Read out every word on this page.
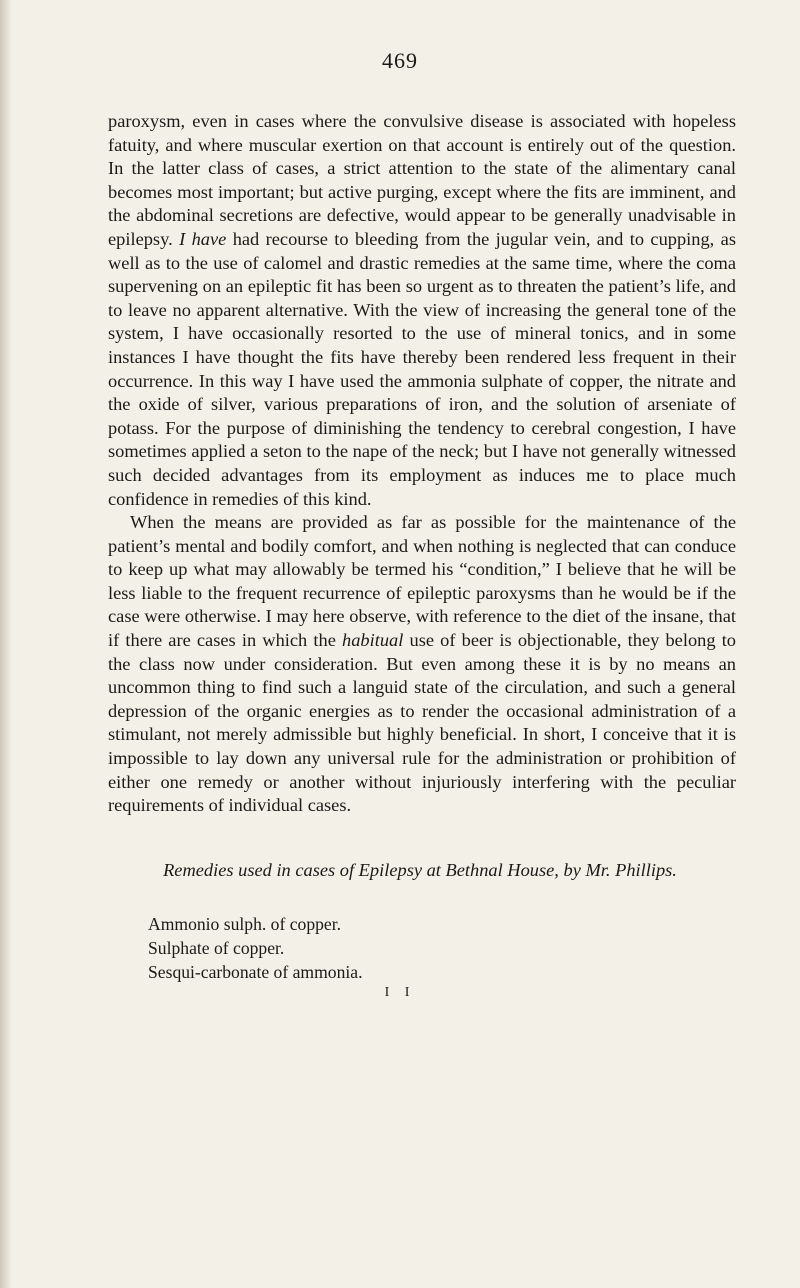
469

paroxysm, even in cases where the convulsive disease is associated with hopeless fatuity, and where muscular exertion on that account is entirely out of the question. In the latter class of cases, a strict attention to the state of the alimentary canal becomes most important; but active purging, except where the fits are imminent, and the abdominal secretions are defective, would appear to be generally unadvisable in epilepsy. I have had recourse to bleeding from the jugular vein, and to cupping, as well as to the use of calomel and drastic remedies at the same time, where the coma supervening on an epileptic fit has been so urgent as to threaten the patient’s life, and to leave no apparent alternative. With the view of increasing the general tone of the system, I have occasionally resorted to the use of mineral tonics, and in some instances I have thought the fits have thereby been rendered less frequent in their occurrence. In this way I have used the ammonia sulphate of copper, the nitrate and the oxide of silver, various preparations of iron, and the solution of arseniate of potass. For the purpose of diminishing the tendency to cerebral congestion, I have sometimes applied a seton to the nape of the neck; but I have not generally witnessed such decided advantages from its employment as induces me to place much confidence in remedies of this kind.

When the means are provided as far as possible for the maintenance of the patient’s mental and bodily comfort, and when nothing is neglected that can conduce to keep up what may allowably be termed his “condition,” I believe that he will be less liable to the frequent recurrence of epileptic paroxysms than he would be if the case were otherwise. I may here observe, with reference to the diet of the insane, that if there are cases in which the habitual use of beer is objectionable, they belong to the class now under consideration. But even among these it is by no means an uncommon thing to find such a languid state of the circulation, and such a general depression of the organic energies as to render the occasional administration of a stimulant, not merely admissible but highly beneficial. In short, I conceive that it is impossible to lay down any universal rule for the administration or prohibition of either one remedy or another without injuriously interfering with the peculiar requirements of individual cases.

Remedies used in cases of Epilepsy at Bethnal House, by Mr. Phillips.
Ammonio sulph. of copper.
Sulphate of copper.
Sesqui-carbonate of ammonia.
I I
